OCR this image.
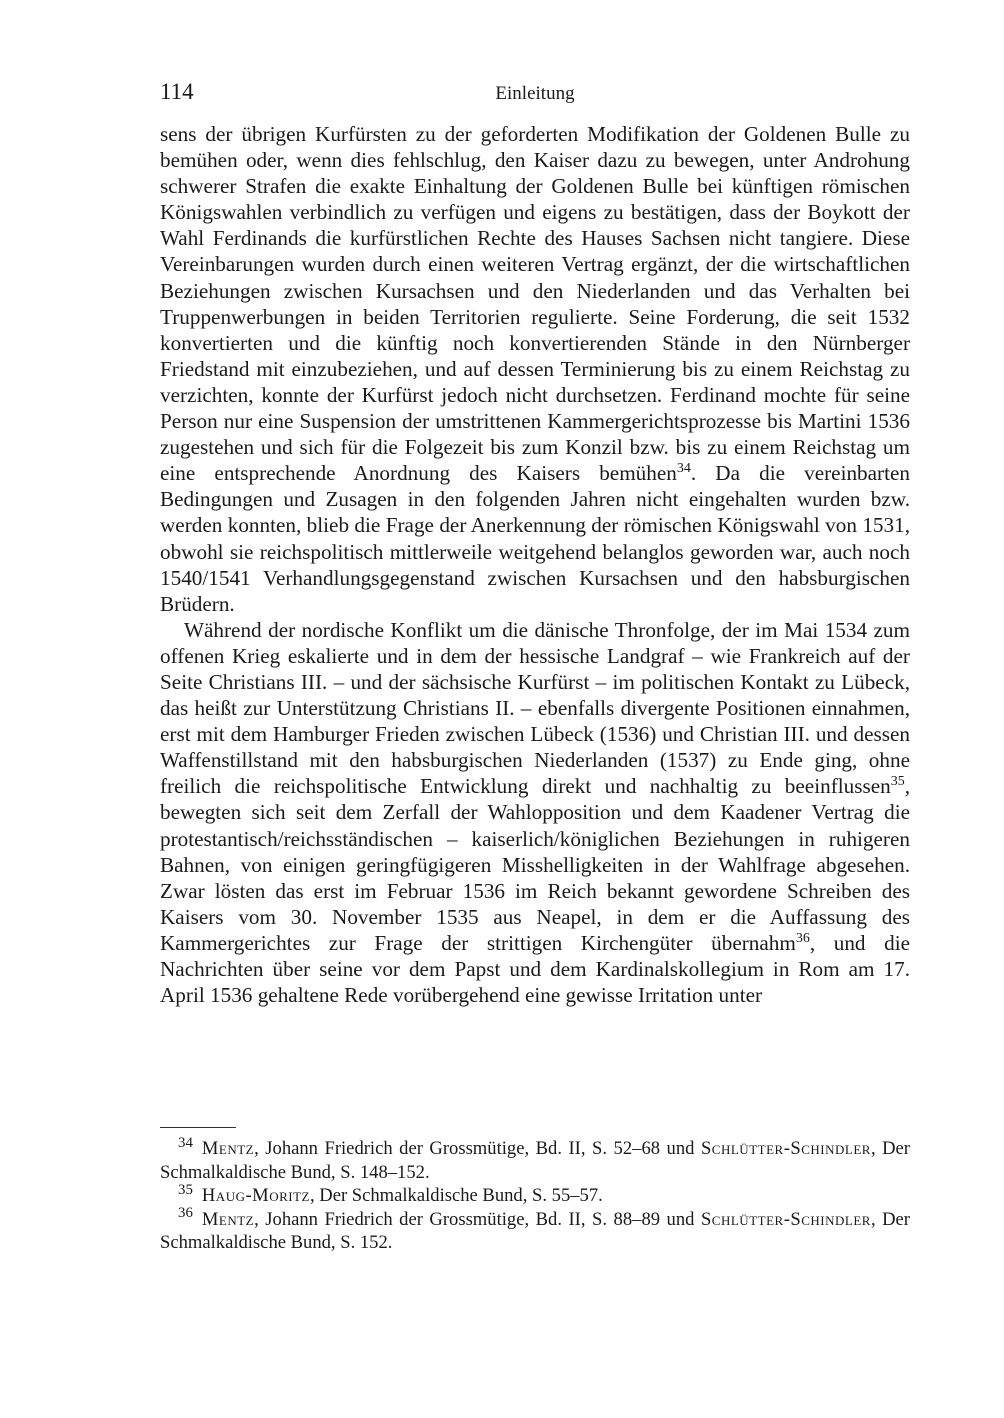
114	Einleitung

sens der übrigen Kurfürsten zu der geforderten Modifikation der Goldenen Bulle zu bemühen oder, wenn dies fehlschlug, den Kaiser dazu zu bewegen, unter Androhung schwerer Strafen die exakte Einhaltung der Goldenen Bulle bei künftigen römischen Königswahlen verbindlich zu verfügen und eigens zu bestätigen, dass der Boykott der Wahl Ferdinands die kurfürstlichen Rechte des Hauses Sachsen nicht tangiere. Diese Vereinbarungen wurden durch einen weiteren Vertrag ergänzt, der die wirtschaftlichen Beziehungen zwischen Kursachsen und den Niederlanden und das Verhalten bei Truppenwerbungen in beiden Territorien regulierte. Seine Forderung, die seit 1532 konvertierten und die künftig noch konvertierenden Stände in den Nürnberger Friedstand mit einzubeziehen, und auf dessen Terminierung bis zu einem Reichstag zu verzichten, konnte der Kurfürst jedoch nicht durchsetzen. Ferdinand mochte für seine Person nur eine Suspension der umstrittenen Kammergerichtsprozesse bis Martini 1536 zugestehen und sich für die Folgezeit bis zum Konzil bzw. bis zu einem Reichstag um eine entsprechende Anordnung des Kaisers bemühen$^{34}$. Da die vereinbarten Bedingungen und Zusagen in den folgenden Jahren nicht eingehalten wurden bzw. werden konnten, blieb die Frage der Anerkennung der römischen Königswahl von 1531, obwohl sie reichspolitisch mittlerweile weitgehend belanglos geworden war, auch noch 1540/1541 Verhandlungsgegenstand zwischen Kursachsen und den habsburgischen Brüdern.

Während der nordische Konflikt um die dänische Thronfolge, der im Mai 1534 zum offenen Krieg eskalierte und in dem der hessische Landgraf – wie Frankreich auf der Seite Christians III. – und der sächsische Kurfürst – im politischen Kontakt zu Lübeck, das heißt zur Unterstützung Christians II. – ebenfalls divergente Positionen einnahmen, erst mit dem Hamburger Frieden zwischen Lübeck (1536) und Christian III. und dessen Waffenstillstand mit den habsburgischen Niederlanden (1537) zu Ende ging, ohne freilich die reichspolitische Entwicklung direkt und nachhaltig zu beeinflussen$^{35}$, bewegten sich seit dem Zerfall der Wahlopposition und dem Kaadener Vertrag die protestantisch/​reichsständischen – kaiserlich/königlichen Beziehungen in ruhigeren Bahnen, von einigen geringfügigeren Misshelligkeiten in der Wahlfrage abgesehen. Zwar lösten das erst im Februar 1536 im Reich bekannt gewordene Schreiben des Kaisers vom 30. November 1535 aus Neapel, in dem er die Auffassung des Kammergerichtes zur Frage der strittigen Kirchengüter übernahm$^{36}$, und die Nachrichten über seine vor dem Papst und dem Kardinalskollegium in Rom am 17. April 1536 gehaltene Rede vorübergehend eine gewisse Irritation unter

$^{34}$ Mentz, Johann Friedrich der Grossmütige, Bd. II, S. 52–68 und Schlütter-Schindler, Der Schmalkaldische Bund, S. 148–152.

$^{35}$ Haug-Moritz, Der Schmalkaldische Bund, S. 55–57.

$^{36}$ Mentz, Johann Friedrich der Grossmütige, Bd. II, S. 88–89 und Schlütter-Schindler, Der Schmalkaldische Bund, S. 152.
